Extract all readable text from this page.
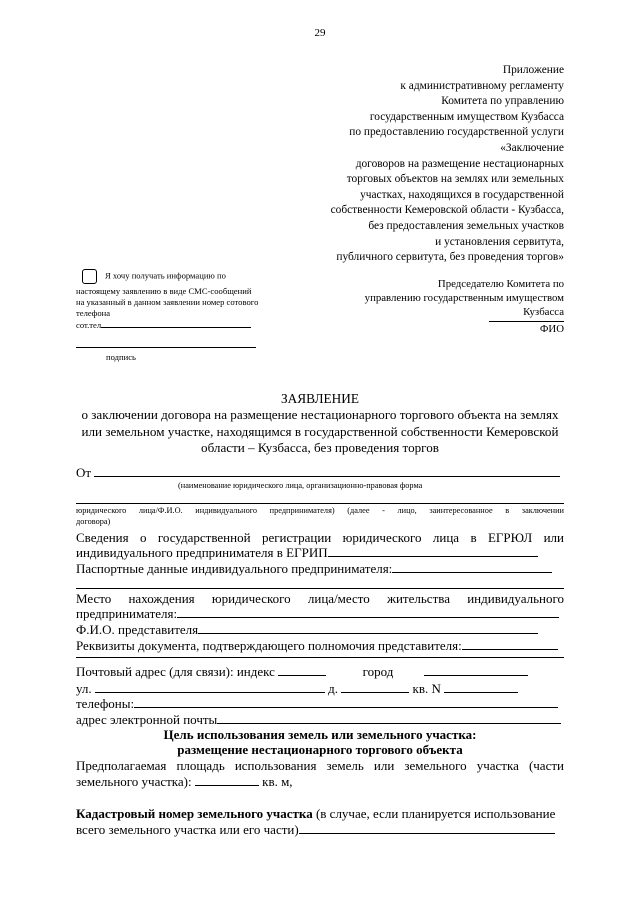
29
Приложение
к административному регламенту
Комитета по управлению
государственным имуществом Кузбасса
по предоставлению государственной услуги
«Заключение
договоров на размещение нестационарных
торговых объектов на землях или земельных
участках, находящихся в государственной
собственности Кемеровской области - Кузбасса,
без предоставления земельных участков
и установления сервитута,
публичного сервитута, без проведения торгов»
Я хочу получать информацию по
настоящему заявлению в виде СМС-сообщений
на указанный в данном заявлении номер сотового
телефона
сот.тел
подпись
Председателю Комитета по
управлению государственным имуществом
Кузбасса
ФИО
ЗАЯВЛЕНИЕ
о заключении договора на размещение нестационарного торгового объекта на землях
или земельном участке, находящимся в государственной собственности Кемеровской
области – Кузбасса, без проведения торгов
От
(наименование юридического лица, организационно-правовая форма
юридического лица/Ф.И.О. индивидуального предпринимателя) (далее - лицо, заинтересованное в заключении
договора)
Сведения о государственной регистрации юридического лица в ЕГРЮЛ или
индивидуального предпринимателя в ЕГРИП
Паспортные данные индивидуального предпринимателя:
Место нахождения юридического лица/место жительства индивидуального
предпринимателя:
Ф.И.О. представителя
Реквизиты документа, подтверждающего полномочия представителя:
Почтовый адрес (для связи): индекс	город
ул.	д.	кв. N
телефоны:
адрес электронной почты
Цель использования земель или земельного участка:
размещение нестационарного торгового объекта
Предполагаемая площадь использования земель или земельного участка (части
земельного участка):	кв. м,
Кадастровый номер земельного участка (в случае, если планируется использование
всего земельного участка или его части)
